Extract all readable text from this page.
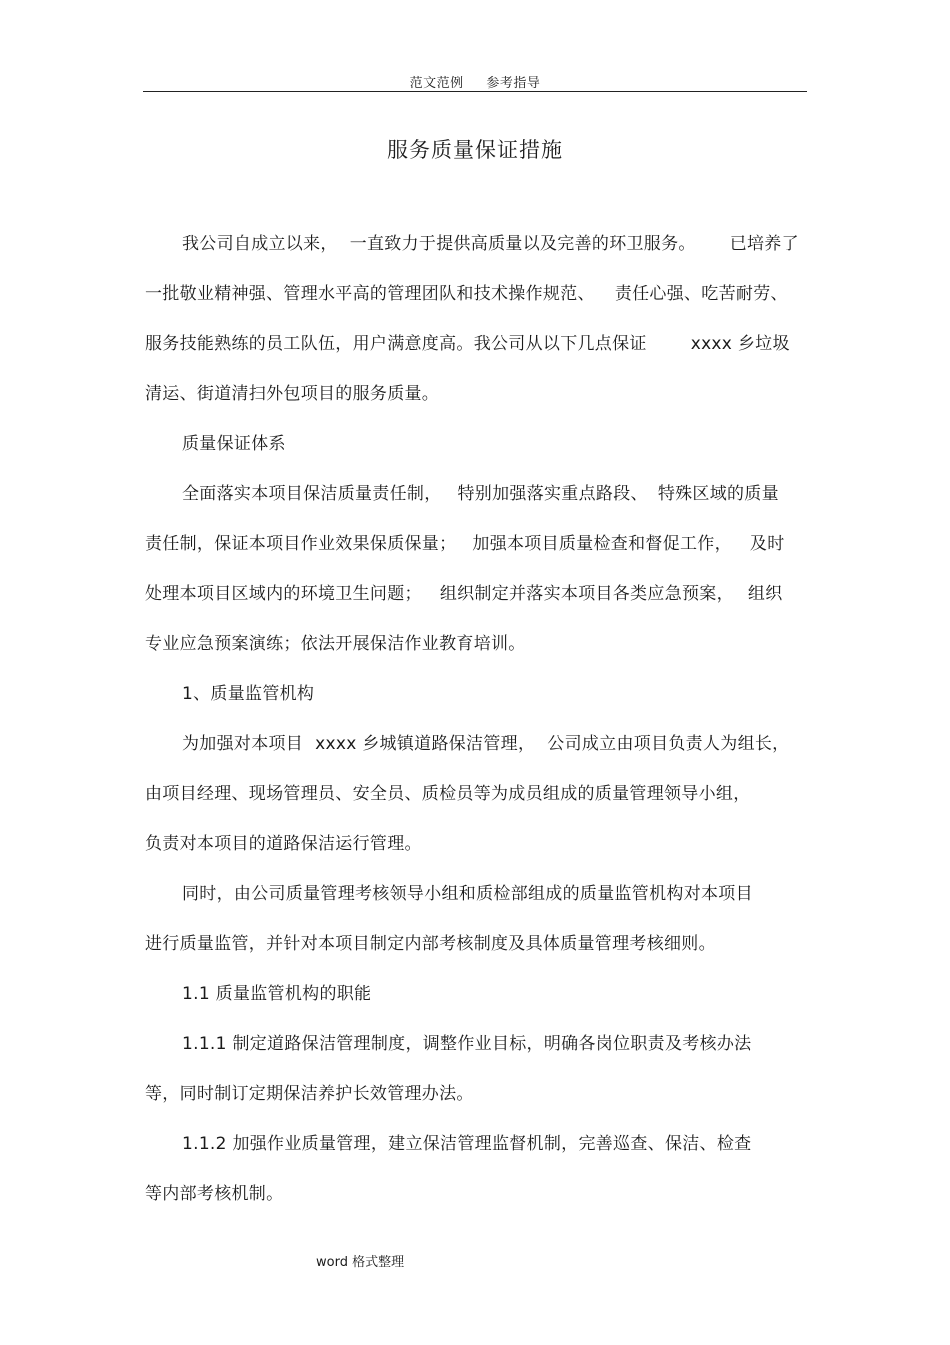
范文范例 参考指导
服务质量保证措施
我公司自成立以来， 一直致力于提供高质量以及完善的环卫服务。 已培养了
一批敬业精神强、管理水平高的管理团队和技术操作规范、 责任心强、吃苦耐劳、
服务技能熟练的员工队伍，用户满意度高。我公司从以下几点保证	xxxx 乡垃圾
清运、街道清扫外包项目的服务质量。
质量保证体系
全面落实本项目保洁质量责任制， 特别加强落实重点路段、 特殊区域的质量
责任制，保证本项目作业效果保质保量； 加强本项目质量检查和督促工作， 及时
处理本项目区域内的环境卫生问题； 组织制定并落实本项目各类应急预案， 组织
专业应急预案演练；依法开展保洁作业教育培训。
1、质量监管机构
为加强对本项目 xxxx 乡城镇道路保洁管理， 公司成立由项目负责人为组长，
由项目经理、现场管理员、安全员、质检员等为成员组成的质量管理领导小组，
负责对本项目的道路保洁运行管理。
同时，由公司质量管理考核领导小组和质检部组成的质量监管机构对本项目
进行质量监管，并针对本项目制定内部考核制度及具体质量管理考核细则。
1.1 质量监管机构的职能
1.1.1 制定道路保洁管理制度，调整作业目标，明确各岗位职责及考核办法
等，同时制订定期保洁养护长效管理办法。
1.1.2 加强作业质量管理，建立保洁管理监督机制，完善巡查、保洁、检查
等内部考核机制。
word 格式整理
